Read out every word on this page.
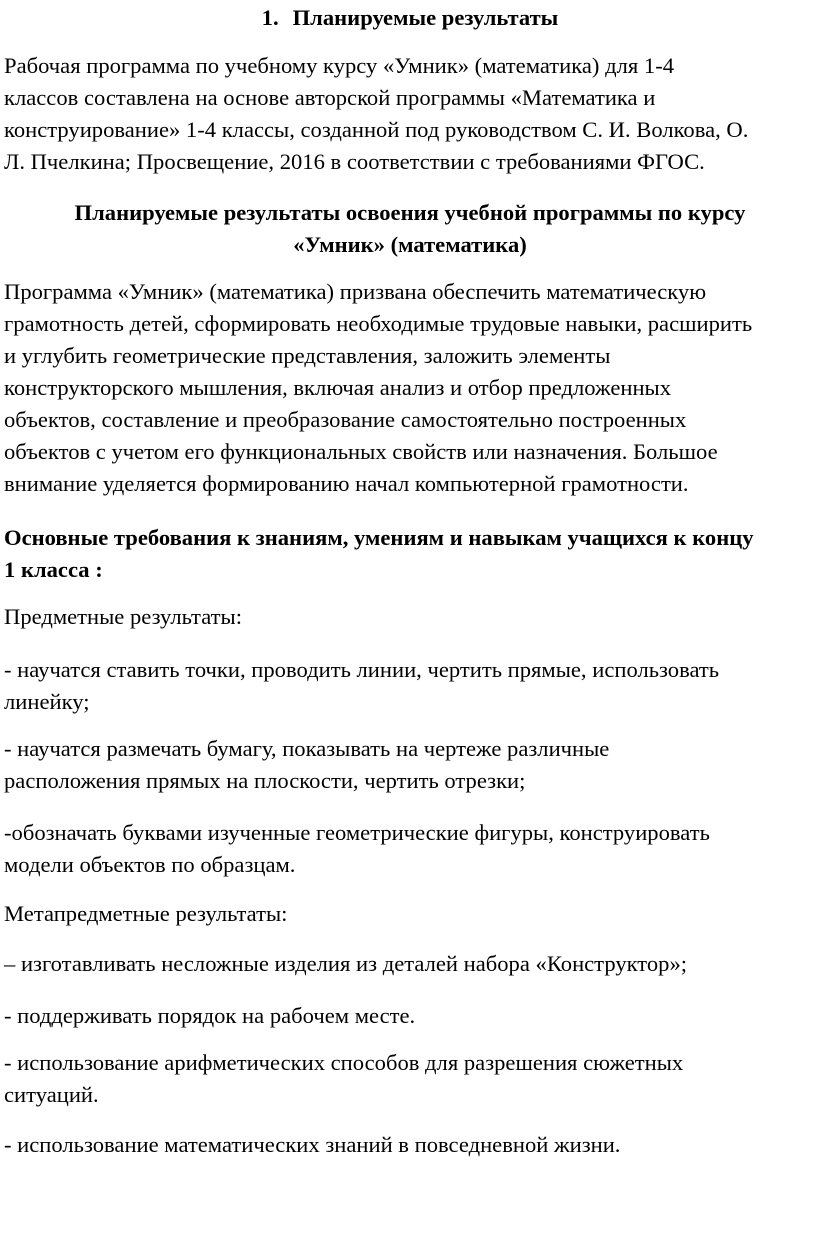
1. Планируемые результаты

Рабочая программа по учебному курсу «Умник» (математика) для 1-4
классов составлена на основе авторской программы «Математика и
конструирование» 1-4 классы, созданной под руководством С. И. Волкова, О.
Л. Пчелкина; Просвещение, 2016 в соответствии с требованиями ФГОС.

Планируемые результаты освоения учебной программы по курсу
«Умник» (математика)

Программа «Умник» (математика) призвана обеспечить математическую
грамотность детей, сформировать необходимые трудовые навыки, расширить
и углубить геометрические представления, заложить элементы
конструкторского мышления, включая анализ и отбор предложенных
объектов, составление и преобразование самостоятельно построенных
объектов с учетом его функциональных свойств или назначения. Большое
внимание уделяется формированию начал компьютерной грамотности.

Основные требования к знаниям, умениям и навыкам учащихся к концу
1 класса :

Предметные результаты:

- научатся ставить точки, проводить линии, чертить прямые, использовать
линейку;

- научатся размечать бумагу, показывать на чертеже различные
расположения прямых на плоскости, чертить отрезки;

-обозначать буквами изученные геометрические фигуры, конструировать
модели объектов по образцам.

Метапредметные результаты:

– изготавливать несложные изделия из деталей набора «Конструктор»;

- поддерживать порядок на рабочем месте.

- использование арифметических способов для разрешения сюжетных
ситуаций.

- использование математических знаний в повседневной жизни.
